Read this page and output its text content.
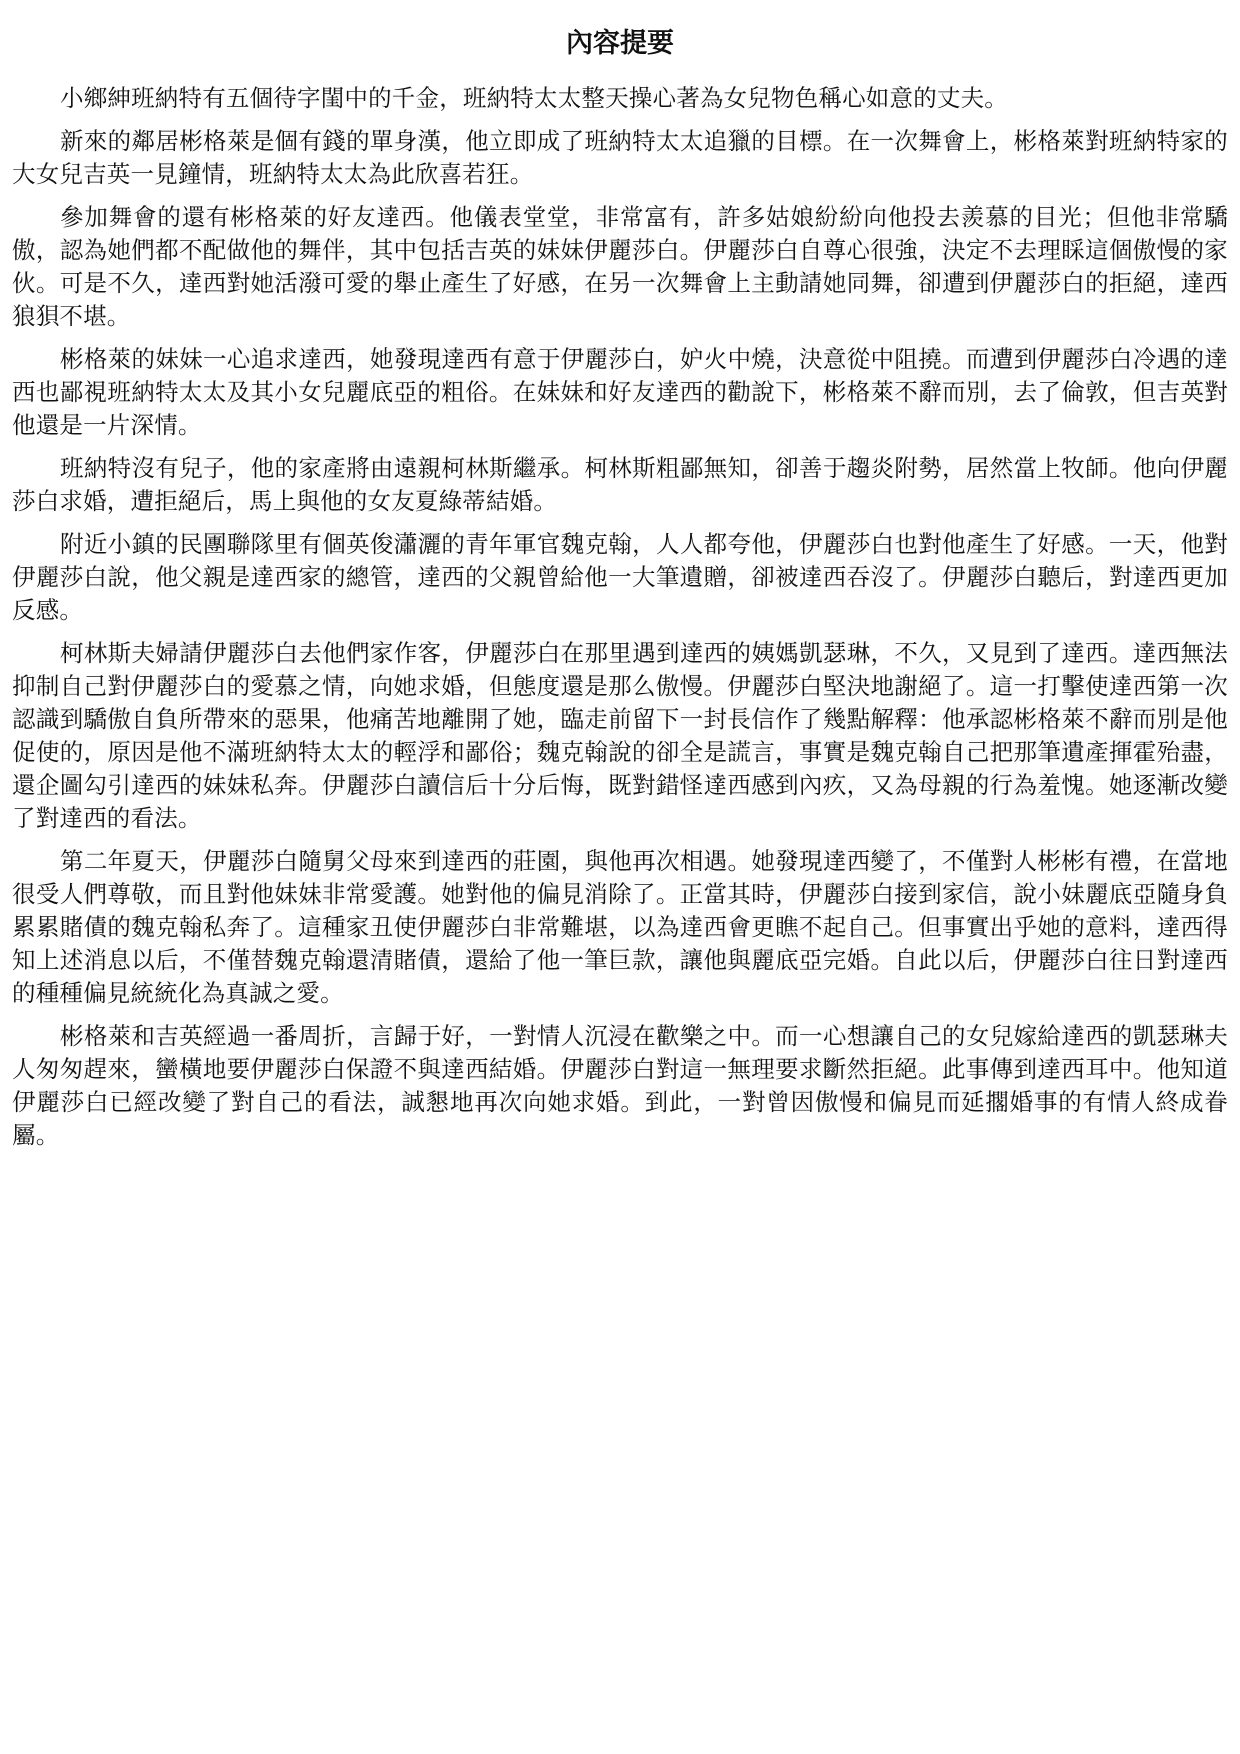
內容提要

小鄉紳班納特有五個待字閨中的千金，班納特太太整天操心著為女兒物色稱心如意的丈夫。

新來的鄰居彬格萊是個有錢的單身漢，他立即成了班納特太太追獵的目標。在一次舞會上，彬格萊對班納特家的大女兒吉英一見鐘情，班納特太太為此欣喜若狂。

參加舞會的還有彬格萊的好友達西。他儀表堂堂，非常富有，許多姑娘紛紛向他投去羨慕的目光；但他非常驕傲，認為她們都不配做他的舞伴，其中包括吉英的妹妹伊麗莎白。伊麗莎白自尊心很強，決定不去理睬這個傲慢的家伙。可是不久，達西對她活潑可愛的舉止產生了好感，在另一次舞會上主動請她同舞，卻遭到伊麗莎白的拒絕，達西狼狽不堪。

彬格萊的妹妹一心追求達西，她發現達西有意于伊麗莎白，妒火中燒，決意從中阻撓。而遭到伊麗莎白冷遇的達西也鄙視班納特太太及其小女兒麗底亞的粗俗。在妹妹和好友達西的勸說下，彬格萊不辭而別，去了倫敦，但吉英對他還是一片深情。

班納特沒有兒子，他的家產將由遠親柯林斯繼承。柯林斯粗鄙無知，卻善于趨炎附勢，居然當上牧師。他向伊麗莎白求婚，遭拒絕后，馬上與他的女友夏綠蒂結婚。

附近小鎮的民團聯隊里有個英俊瀟灑的青年軍官魏克翰，人人都夸他，伊麗莎白也對他產生了好感。一天，他對伊麗莎白說，他父親是達西家的總管，達西的父親曾給他一大筆遺贈，卻被達西吞沒了。伊麗莎白聽后，對達西更加反感。

柯林斯夫婦請伊麗莎白去他們家作客，伊麗莎白在那里遇到達西的姨媽凱瑟琳，不久，又見到了達西。達西無法抑制自己對伊麗莎白的愛慕之情，向她求婚，但態度還是那么傲慢。伊麗莎白堅決地謝絕了。這一打擊使達西第一次認識到驕傲自負所帶來的惡果，他痛苦地離開了她，臨走前留下一封長信作了幾點解釋：他承認彬格萊不辭而別是他促使的，原因是他不滿班納特太太的輕浮和鄙俗；魏克翰說的卻全是謊言，事實是魏克翰自己把那筆遺產揮霍殆盡，還企圖勾引達西的妹妹私奔。伊麗莎白讀信后十分后悔，既對錯怪達西感到內疚，又為母親的行為羞愧。她逐漸改變了對達西的看法。

第二年夏天，伊麗莎白隨舅父母來到達西的莊園，與他再次相遇。她發現達西變了，不僅對人彬彬有禮，在當地很受人們尊敬，而且對他妹妹非常愛護。她對他的偏見消除了。正當其時，伊麗莎白接到家信，說小妹麗底亞隨身負累累賭債的魏克翰私奔了。這種家丑使伊麗莎白非常難堪，以為達西會更瞧不起自己。但事實出乎她的意料，達西得知上述消息以后，不僅替魏克翰還清賭債，還給了他一筆巨款，讓他與麗底亞完婚。自此以后，伊麗莎白往日對達西的種種偏見統統化為真誠之愛。

彬格萊和吉英經過一番周折，言歸于好，一對情人沉浸在歡樂之中。而一心想讓自己的女兒嫁給達西的凱瑟琳夫人匆匆趕來，蠻橫地要伊麗莎白保證不與達西結婚。伊麗莎白對這一無理要求斷然拒絕。此事傳到達西耳中。他知道伊麗莎白已經改變了對自己的看法，誠懇地再次向她求婚。到此，一對曾因傲慢和偏見而延擱婚事的有情人終成眷屬。
